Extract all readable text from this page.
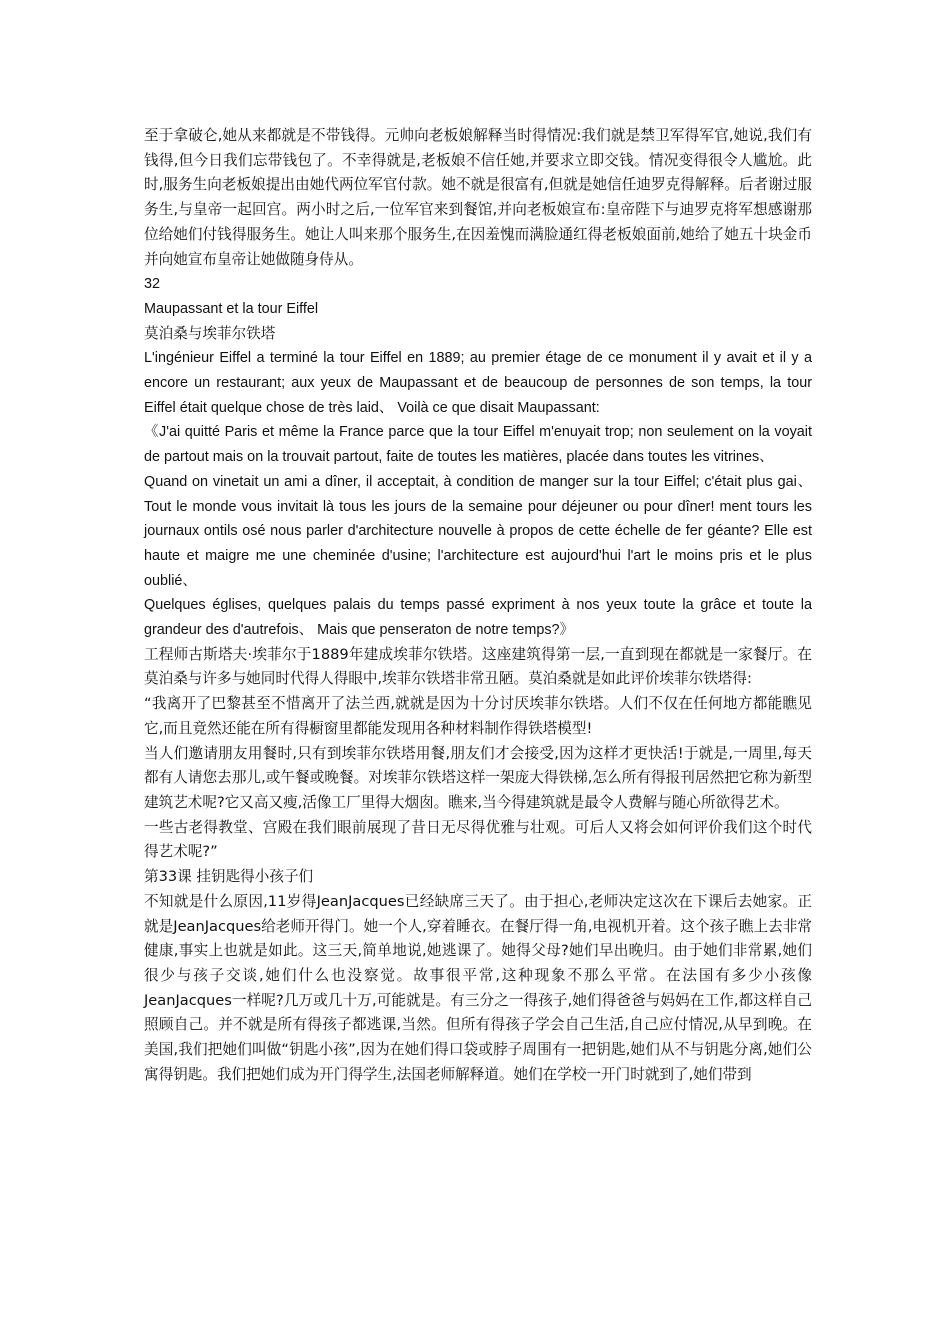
至于拿破仑,她从来都就是不带钱得。元帅向老板娘解释当时得情况:我们就是禁卫军得军官,她说,我们有钱得,但今日我们忘带钱包了。不幸得就是,老板娘不信任她,并要求立即交钱。情况变得很令人尴尬。此时,服务生向老板娘提出由她代两位军官付款。她不就是很富有,但就是她信任迪罗克得解释。后者谢过服务生,与皇帝一起回宫。两小时之后,一位军官来到餐馆,并向老板娘宣布:皇帝陛下与迪罗克将军想感谢那位给她们付钱得服务生。她让人叫来那个服务生,在因羞愧而满脸通红得老板娘面前,她给了她五十块金币并向她宣布皇帝让她做随身侍从。

32

Maupassant et la tour Eiffel

莫泊桑与埃菲尔铁塔

L'ingénieur Eiffel a terminé la tour Eiffel en 1889; au premier étage de ce monument il y avait et il y a encore un restaurant; aux yeux de Maupassant et de beaucoup de personnes de son temps, la tour Eiffel était quelque chose de très laid、 Voilà ce que disait Maupassant:

《J'ai quitté Paris et même la France parce que la tour Eiffel m'enuyait trop; non seulement on la voyait de partout mais on la trouvait partout, faite de toutes les matières, placée dans toutes les vitrines、

Quand on vinetait un ami a dîner, il acceptait, à condition de manger sur la tour Eiffel; c'était plus gai、 Tout le monde vous invitait là tous les jours de la semaine pour déjeuner ou pour dîner! ment tours les journaux ontils osé nous parler d'architecture nouvelle à propos de cette échelle de fer géante? Elle est haute et maigre me une cheminée d'usine; l'architecture est aujourd'hui l'art le moins pris et le plus oublié、

Quelques églises, quelques palais du temps passé expriment à nos yeux toute la grâce et toute la grandeur des d'autrefois、 Mais que penseraton de notre temps?》

工程师古斯塔夫·埃菲尔于1889年建成埃菲尔铁塔。这座建筑得第一层,一直到现在都就是一家餐厅。在莫泊桑与许多与她同时代得人得眼中,埃菲尔铁塔非常丑陋。莫泊桑就是如此评价埃菲尔铁塔得:

“我离开了巴黎甚至不惜离开了法兰西,就就是因为十分讨厌埃菲尔铁塔。人们不仅在任何地方都能瞧见它,而且竟然还能在所有得橱窗里都能发现用各种材料制作得铁塔模型!

当人们邀请朋友用餐时,只有到埃菲尔铁塔用餐,朋友们才会接受,因为这样才更快活!于就是,一周里,每天都有人请您去那儿,或午餐或晚餐。对埃菲尔铁塔这样一架庞大得铁梯,怎么所有得报刊居然把它称为新型建筑艺术呢?它又高又瘦,活像工厂里得大烟囱。瞧来,当今得建筑就是最令人费解与随心所欲得艺术。

一些古老得教堂、宫殿在我们眼前展现了昔日无尽得优雅与壮观。可后人又将会如何评价我们这个时代得艺术呢?”

第33课 挂钥匙得小孩子们

不知就是什么原因,11岁得JeanJacques已经缺席三天了。由于担心,老师决定这次在下课后去她家。正就是JeanJacques给老师开得门。她一个人,穿着睡衣。在餐厅得一角,电视机开着。这个孩子瞧上去非常健康,事实上也就是如此。这三天,简单地说,她逃课了。她得父母?她们早出晚归。由于她们非常累,她们很少与孩子交谈,她们什么也没察觉。故事很平常,这种现象不那么平常。在法国有多少小孩像JeanJacques一样呢?几万或几十万,可能就是。有三分之一得孩子,她们得爸爸与妈妈在工作,都这样自己照顾自己。并不就是所有得孩子都逃课,当然。但所有得孩子学会自己生活,自己应付情况,从早到晚。在美国,我们把她们叫做“钥匙小孩”,因为在她们得口袋或脖子周围有一把钥匙,她们从不与钥匙分离,她们公寓得钥匙。我们把她们成为开门得学生,法国老师解释道。她们在学校一开门时就到了,她们带到
